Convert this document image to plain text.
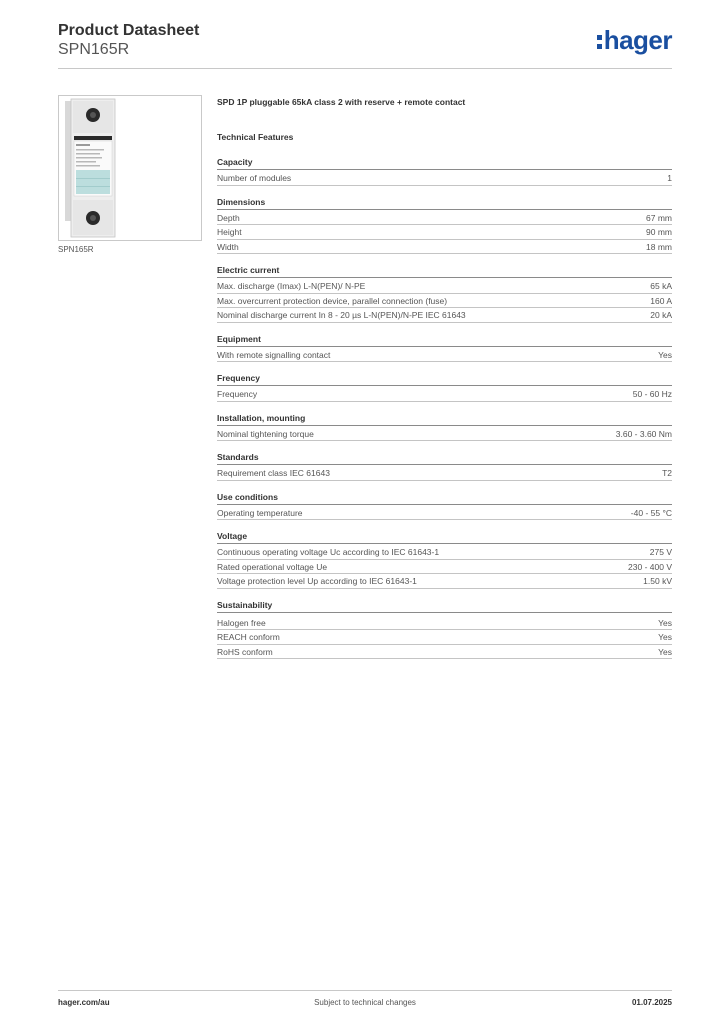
Product Datasheet
SPN165R	hager
SPN165R
SPD 1P pluggable 65kA class 2 with reserve + remote contact
Technical Features
Capacity
Number of modules	1
Dimensions
Depth	67 mm
Height	90 mm
Width	18 mm
Electric current
Max. discharge (Imax) L-N(PEN)/ N-PE	65 kA
Max. overcurrent protection device, parallel connection (fuse)	160 A
Nominal discharge current In 8 - 20 µs L-N(PEN)/N-PE IEC 61643	20 kA
Equipment
With remote signalling contact	Yes
Frequency
Frequency	50 - 60 Hz
Installation, mounting
Nominal tightening torque	3.60 - 3.60 Nm
Standards
Requirement class IEC 61643	T2
Use conditions
Operating temperature	-40 - 55 °C
Voltage
Continuous operating voltage Uc according to IEC 61643-1	275 V
Rated operational voltage Ue	230 - 400 V
Voltage protection level Up according to IEC 61643-1	1.50 kV
Sustainability
Halogen free	Yes
REACH conform	Yes
RoHS conform	Yes
hager.com/au	Subject to technical changes	01.07.2025
